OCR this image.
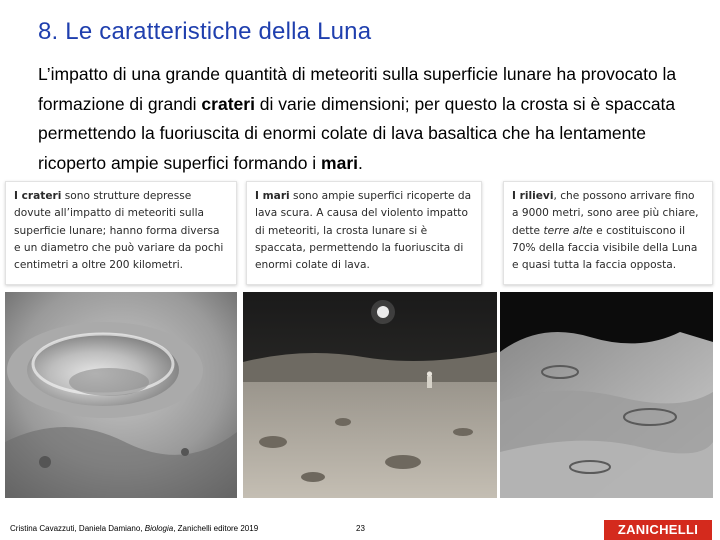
8. Le caratteristiche della Luna
L’impatto di una grande quantità di meteoriti sulla superficie lunare ha provocato la formazione di grandi crateri di varie dimensioni; per questo la crosta si è spaccata permettendo la fuoriuscita di enormi colate di lava basaltica che ha lentamente ricoperto ampie superfici formando i mari.
I crateri sono strutture depresse dovute all’impatto di meteoriti sulla superficie lunare; hanno forma diversa e un diametro che può variare da pochi centimetri a oltre 200 kilometri.
I mari sono ampie superfici ricoperte da lava scura. A causa del violento impatto di meteoriti, la crosta lunare si è spaccata, permettendo la fuoriuscita di enormi colate di lava.
I rilievi, che possono arrivare fino a 9000 metri, sono aree più chiare, dette terre alte e costituiscono il 70% della faccia visibile della Luna e quasi tutta la faccia opposta.
Cristina Cavazzuti, Daniela Damiano, Biologia, Zanichelli editore 2019	23	ZANICHELLI
